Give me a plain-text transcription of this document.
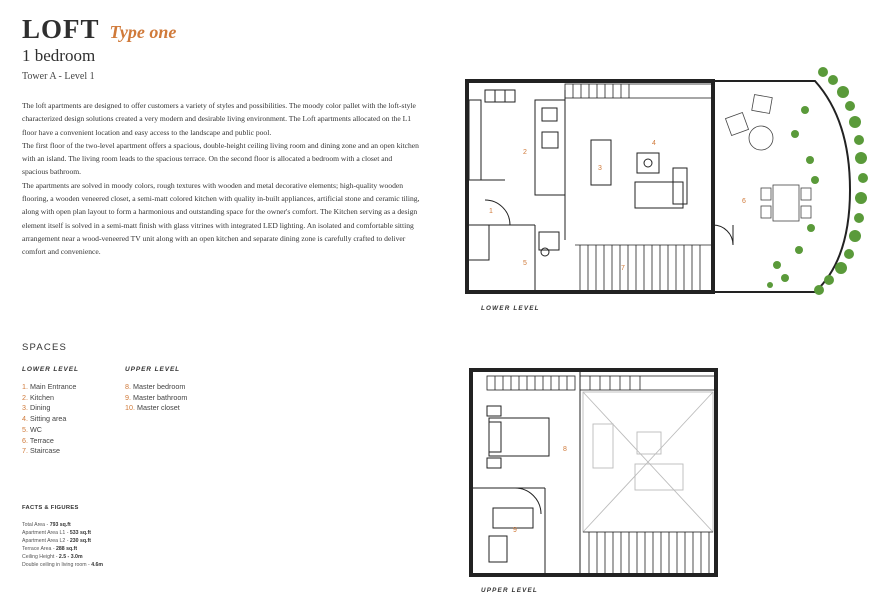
LOFT Type one
1 bedroom
Tower A - Level 1

The loft apartments are designed to offer customers a variety of styles and possibilities. The moody color pallet with the loft-style characterized design solutions created a very modern and desirable living environment. The Loft apartments allocated on the L1 floor have a convenient location and easy access to the landscape and public pool.

The first floor of the two-level apartment offers a spacious, double-height ceiling living room and dining zone and an open kitchen with an island. The living room leads to the spacious terrace. On the second floor is allocated a bedroom with a closet and spacious bathroom.

The apartments are solved in moody colors, rough textures with wooden and metal decorative elements; high-quality wooden flooring, a wooden veneered closet, a semi-matt colored kitchen with quality in-built appliances, artificial stone and ceramic tiling, along with open plan layout to form a harmonious and outstanding space for the owner's comfort. The Kitchen serving as a design element itself is solved in a semi-matt finish with glass vitrines with integrated LED lighting. An isolated and comfortable sitting arrangement near a wood-veneered TV unit along with an open kitchen and separate dining zone is carefully crafted to deliver comfort and convenience.

SPACES
LOWER LEVEL
1. Main Entrance
2. Kitchen
3. Dining
4. Sitting area
5. WC
6. Terrace
7. Staircase
UPPER LEVEL
8. Master bedroom
9. Master bathroom
10. Master closet
FACTS & FIGURES
Total Area - 793 sq.ft
Apartment Area L1 - 533 sq.ft
Apartment Area L2 - 230 sq.ft
Terrace Area - 288 sq.ft
Ceiling Height - 2.5 - 3.0m
Double ceiling in living room - 4.6m
1
2
3
4
5
6
7
LOWER LEVEL
8
9
UPPER LEVEL
